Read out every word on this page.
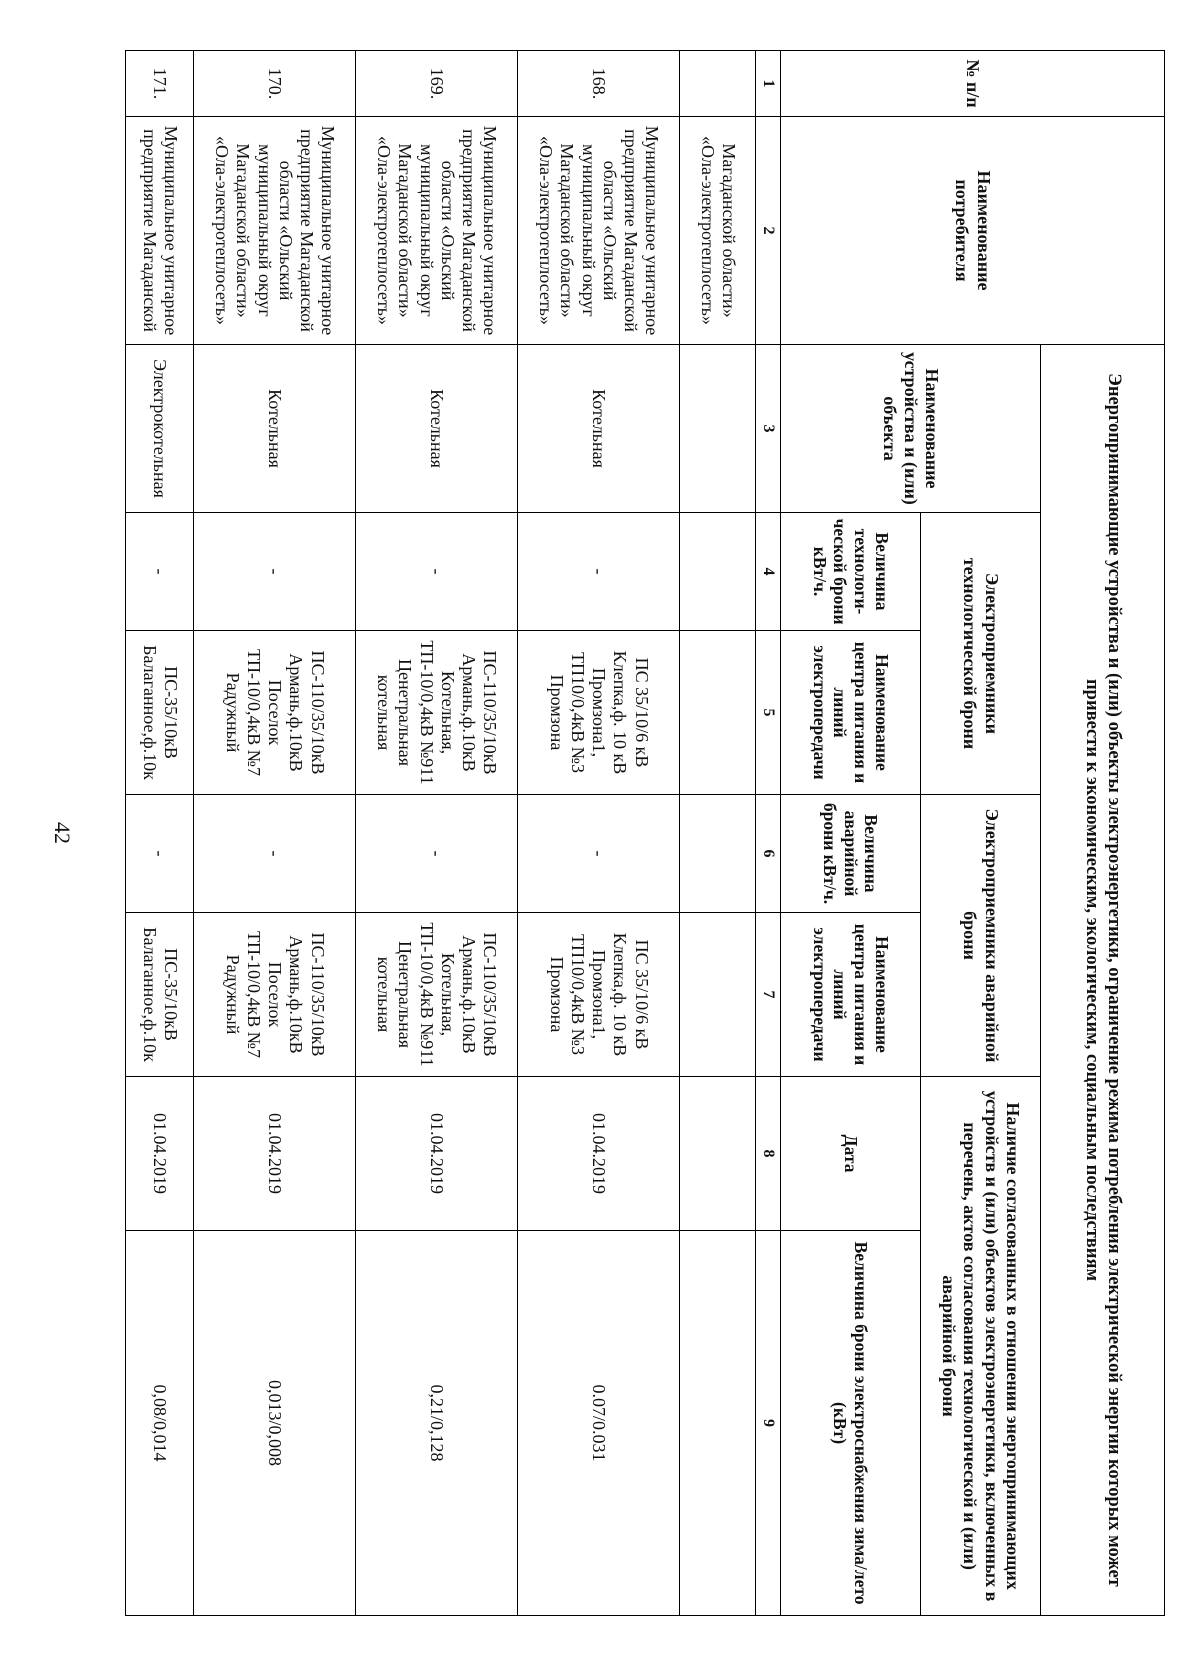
42
№ п/п	Наименование потребителя	Энергопринимающие устройства и (или) объекты электроэнергетики, ограничение режима потребления электрической энергии которых может привести к экономическим, экологическим, социальным последствиям						
		Наименование устройства и (или) объекта	Электроприемники технологической брони		Электроприемники аварийной брони		Наличие согласованных в отношении энергопринимающих устройств и (или) объектов электроэнергетики, включенных в перечень, актов согласования технологической и (или) аварийной брони	
			Величина технологи-ческой брони кВт/ч.	Наименование центра питания и линий электропередачи	Величина аварийной брони кВт/ч.	Наименование центра питания и линий электропередачи	Дата	Величина брони электроснабжения зима/лето (кВт)
1	2	3	4	5	6	7	8	9
	Магаданской области» «Ола-электротеплосеть»							
168.	Муниципальное унитарное предприятие Магаданской области «Ольский муниципальный округ Магаданской области» «Ола-электротеплосеть»	Котельная	-	ПС 35/10/6 кВ Клепка,ф. 10 кВ Промзона1, ТП10/0,4кВ №3 Промзона	-	ПС 35/10/6 кВ Клепка,ф. 10 кВ Промзона1, ТП10/0,4кВ №3 Промзона	01.04.2019	0.07/0.031
169.	Муниципальное унитарное предприятие Магаданской области «Ольский муниципальный округ Магаданской области» «Ола-электротеплосеть»	Котельная	-	ПС-110/35/10кВ Армань,ф.10кВ Котельная, ТП-10/0,4кВ №911 Ценетральная котельная	-	ПС-110/35/10кВ Армань,ф.10кВ Котельная, ТП-10/0,4кВ №911 Ценетральная котельная	01.04.2019	0,21/0,128
170.	Муниципальное унитарное предприятие Магаданской области «Ольский муниципальный округ Магаданской области» «Ола-электротеплосеть»	Котельная	-	ПС-110/35/10кВ Армань,ф.10кВ Поселок ТП-10/0,4кВ №7 Радужный	-	ПС-110/35/10кВ Армань,ф.10кВ Поселок ТП-10/0,4кВ №7 Радужный	01.04.2019	0,013/0,008
171.	Муниципальное унитарное предприятие Магаданской	Электрокотельная	-	ПС-35/10кВ Балаганное,ф.10к	-	ПС-35/10кВ Балаганное,ф.10к	01.04.2019	0,08/0,014
